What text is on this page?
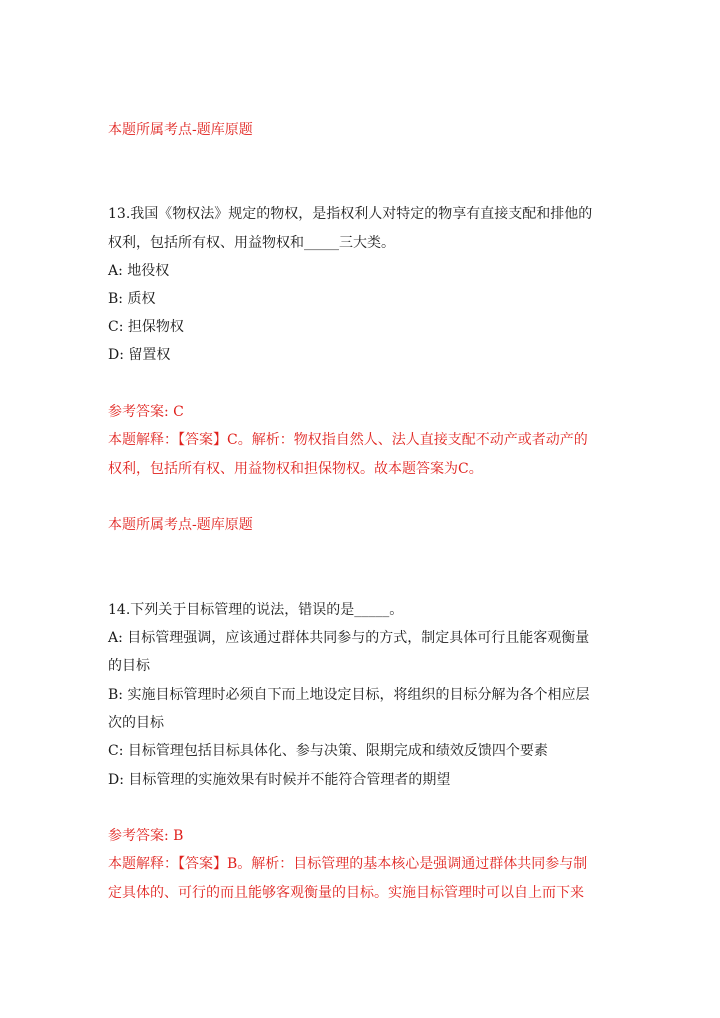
本题所属考点-题库原题
13.我国《物权法》规定的物权，是指权利人对特定的物享有直接支配和排他的
权利，包括所有权、用益物权和_____三大类。
A: 地役权
B: 质权
C: 担保物权
D: 留置权
参考答案: C
本题解释：【答案】C。解析：物权指自然人、法人直接支配不动产或者动产的
权利，包括所有权、用益物权和担保物权。故本题答案为C。
本题所属考点-题库原题
14.下列关于目标管理的说法，错误的是_____。
A: 目标管理强调，应该通过群体共同参与的方式，制定具体可行且能客观衡量
的目标
B: 实施目标管理时必须自下而上地设定目标，将组织的目标分解为各个相应层
次的目标
C: 目标管理包括目标具体化、参与决策、限期完成和绩效反馈四个要素
D: 目标管理的实施效果有时候并不能符合管理者的期望
参考答案: B
本题解释：【答案】B。解析：目标管理的基本核心是强调通过群体共同参与制
定具体的、可行的而且能够客观衡量的目标。实施目标管理时可以自上而下来
